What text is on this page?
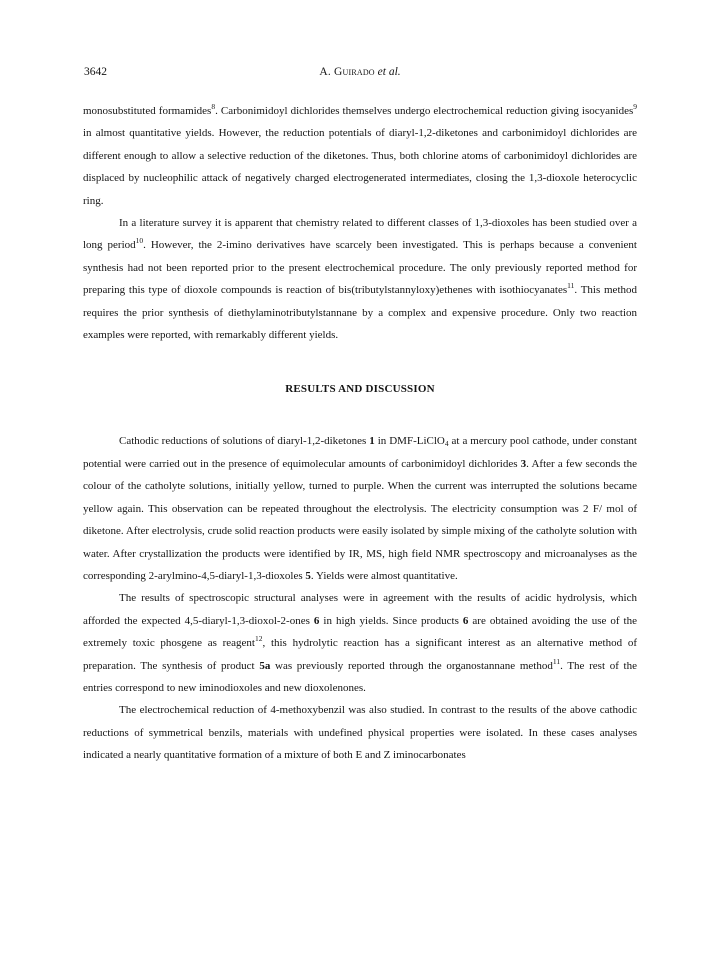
3642	A. Guirado et al.

monosubstituted formamides$^8$. Carbonimidoyl dichlorides themselves undergo electrochemical reduction giving isocyanides$^9$ in almost quantitative yields. However, the reduction potentials of diaryl-1,2-diketones and carbonimidoyl dichlorides are different enough to allow a selective reduction of the diketones. Thus, both chlorine atoms of carbonimidoyl dichlorides are displaced by nucleophilic attack of negatively charged electrogenerated intermediates, closing the 1,3-dioxole heterocyclic ring.

In a literature survey it is apparent that chemistry related to different classes of 1,3-dioxoles has been studied over a long period$^{10}$. However, the 2-imino derivatives have scarcely been investigated. This is perhaps because a convenient synthesis had not been reported prior to the present electrochemical procedure. The only previously reported method for preparing this type of dioxole compounds is reaction of bis(tributylstannyloxy)ethenes with isothiocyanates$^{11}$. This method requires the prior synthesis of diethylaminotributylstannane by a complex and expensive procedure. Only two reaction examples were reported, with remarkably different yields.

RESULTS AND DISCUSSION

Cathodic reductions of solutions of diaryl-1,2-diketones 1 in DMF-LiClO$_4$ at a mercury pool cathode, under constant potential were carried out in the presence of equimolecular amounts of carbonimidoyl dichlorides 3. After a few seconds the colour of the catholyte solutions, initially yellow, turned to purple. When the current was interrupted the solutions became yellow again. This observation can be repeated throughout the electrolysis. The electricity consumption was 2 F/ mol of diketone. After electrolysis, crude solid reaction products were easily isolated by simple mixing of the catholyte solution with water. After crystallization the products were identified by IR, MS, high field NMR spectroscopy and microanalyses as the corresponding 2-arylmino-4,5-diaryl-1,3-dioxoles 5. Yields were almost quantitative.

The results of spectroscopic structural analyses were in agreement with the results of acidic hydrolysis, which afforded the expected 4,5-diaryl-1,3-dioxol-2-ones 6 in high yields. Since products 6 are obtained avoiding the use of the extremely toxic phosgene as reagent$^{12}$, this hydrolytic reaction has a significant interest as an alternative method of preparation. The synthesis of product 5a was previously reported through the organostannane method$^{11}$. The rest of the entries correspond to new iminodioxoles and new dioxolenones.

The electrochemical reduction of 4-methoxybenzil was also studied. In contrast to the results of the above cathodic reductions of symmetrical benzils, materials with undefined physical properties were isolated. In these cases analyses indicated a nearly quantitative formation of a mixture of both E and Z iminocarbonates
